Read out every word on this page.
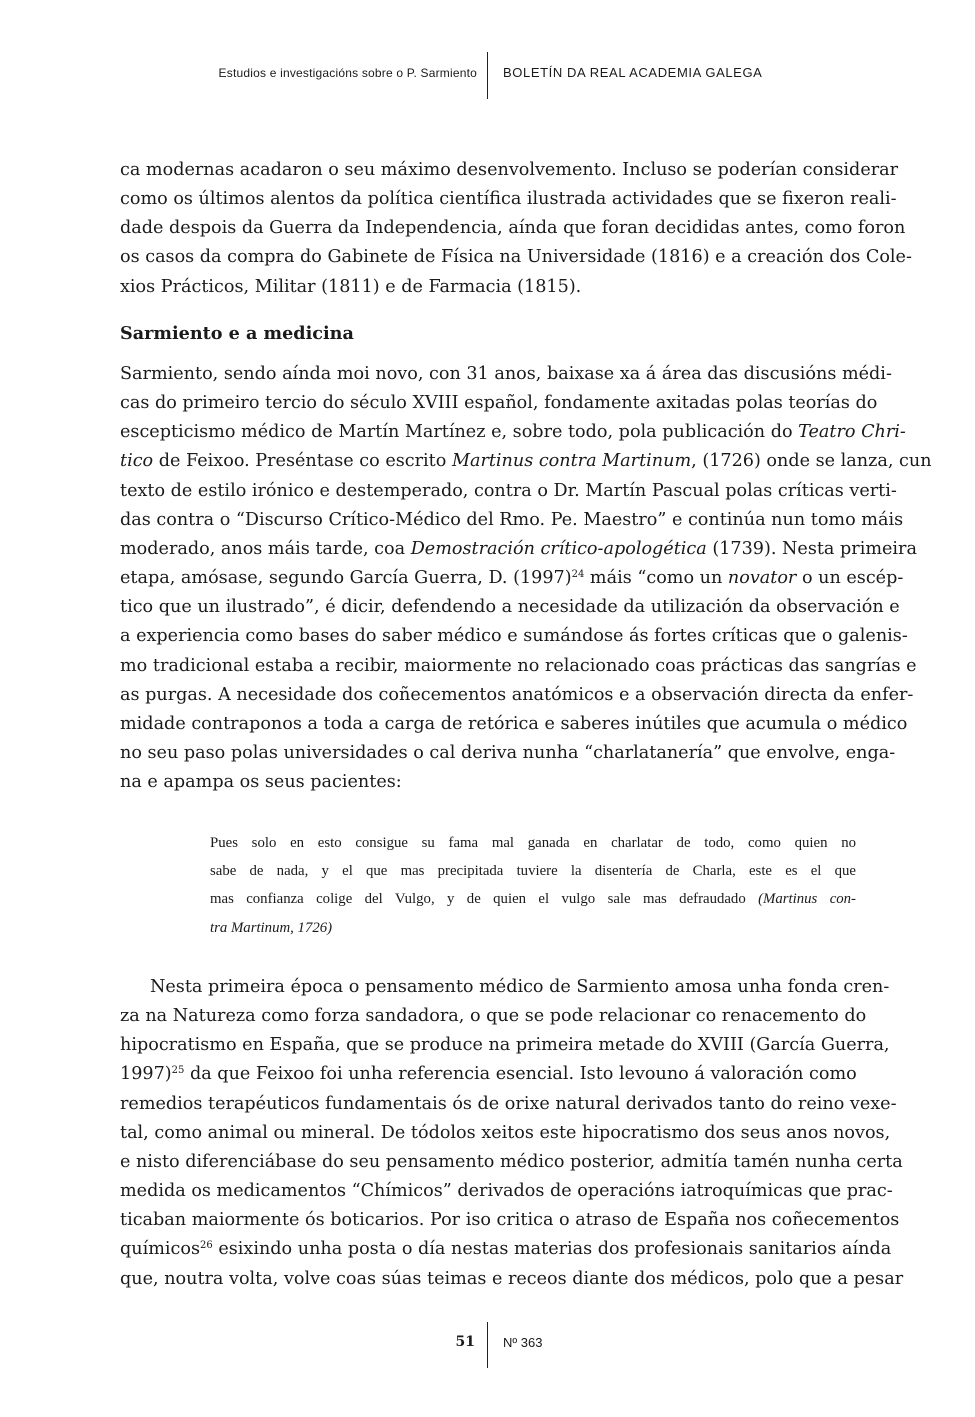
Estudios e investigacións sobre o P. Sarmiento BOLETÍN DA REAL ACADEMIA GALEGA

ca modernas acadaron o seu máximo desenvolvemento. Incluso se poderían considerar
como os últimos alentos da política científica ilustrada actividades que se fixeron reali-
dade despois da Guerra da Independencia, aínda que foran decididas antes, como foron
os casos da compra do Gabinete de Física na Universidade (1816) e a creación dos Cole-
xios Prácticos, Militar (1811) e de Farmacia (1815).

Sarmiento e a medicina

Sarmiento, sendo aínda moi novo, con 31 anos, baixase xa á área das discusións médi-
cas do primeiro tercio do século XVIII español, fondamente axitadas polas teorías do
escepticismo médico de Martín Martínez e, sobre todo, pola publicación do Teatro Chri-
tico de Feixoo. Preséntase co escrito Martinus contra Martinum, (1726) onde se lanza, cun
texto de estilo irónico e destemperado, contra o Dr. Martín Pascual polas críticas verti-
das contra o “Discurso Crítico-Médico del Rmo. Pe. Maestro” e continúa nun tomo máis
moderado, anos máis tarde, coa Demostración crítico-apologética (1739). Nesta primeira
etapa, amósase, segundo García Guerra, D. $(1997)^{24}$ máis “como un novator o un escép-
tico que un ilustrado”, é dicir, defendendo a necesidade da utilización da observación e
a experiencia como bases do saber médico e sumándose ás fortes críticas que o galenis-
mo tradicional estaba a recibir, maiormente no relacionado coas prácticas das sangrías e
as purgas. A necesidade dos coñecementos anatómicos e a observación directa da enfer-
midade contraponos a toda a carga de retórica e saberes inútiles que acumula o médico
no seu paso polas universidades o cal deriva nunha “charlatanería” que envolve, enga-
na e apampa os seus pacientes:

Pues solo en esto consigue su fama mal ganada en charlatar de todo, como quien no
sabe de nada, y el que mas precipitada tuviere la disentería de Charla, este es el que
mas confianza colige del Vulgo, y de quien el vulgo sale mas defraudado (Martinus con-
tra Martinum, 1726)

Nesta primeira época o pensamento médico de Sarmiento amosa unha fonda cren-
za na Natureza como forza sandadora, o que se pode relacionar co renacemento do
hipocratismo en España, que se produce na primeira metade do XVIII (García Guerra,
1997)$^{25}$ da que Feixoo foi unha referencia esencial. Isto levouno á valoración como
remedios terapéuticos fundamentais ós de orixe natural derivados tanto do reino vexe-
tal, como animal ou mineral. De tódolos xeitos este hipocratismo dos seus anos novos,
e nisto diferenciábase do seu pensamento médico posterior, admitía tamén nunha certa
medida os medicamentos “Chímicos” derivados de operacións iatroquímicas que prac-
ticaban maiormente ós boticarios. Por iso critica o atraso de España nos coñecementos
químicos$^{26}$ esixindo unha posta o día nestas materias dos profesionais sanitarios aínda
que, noutra volta, volve coas súas teimas e receos diante dos médicos, polo que a pesar

51 Nº 363
